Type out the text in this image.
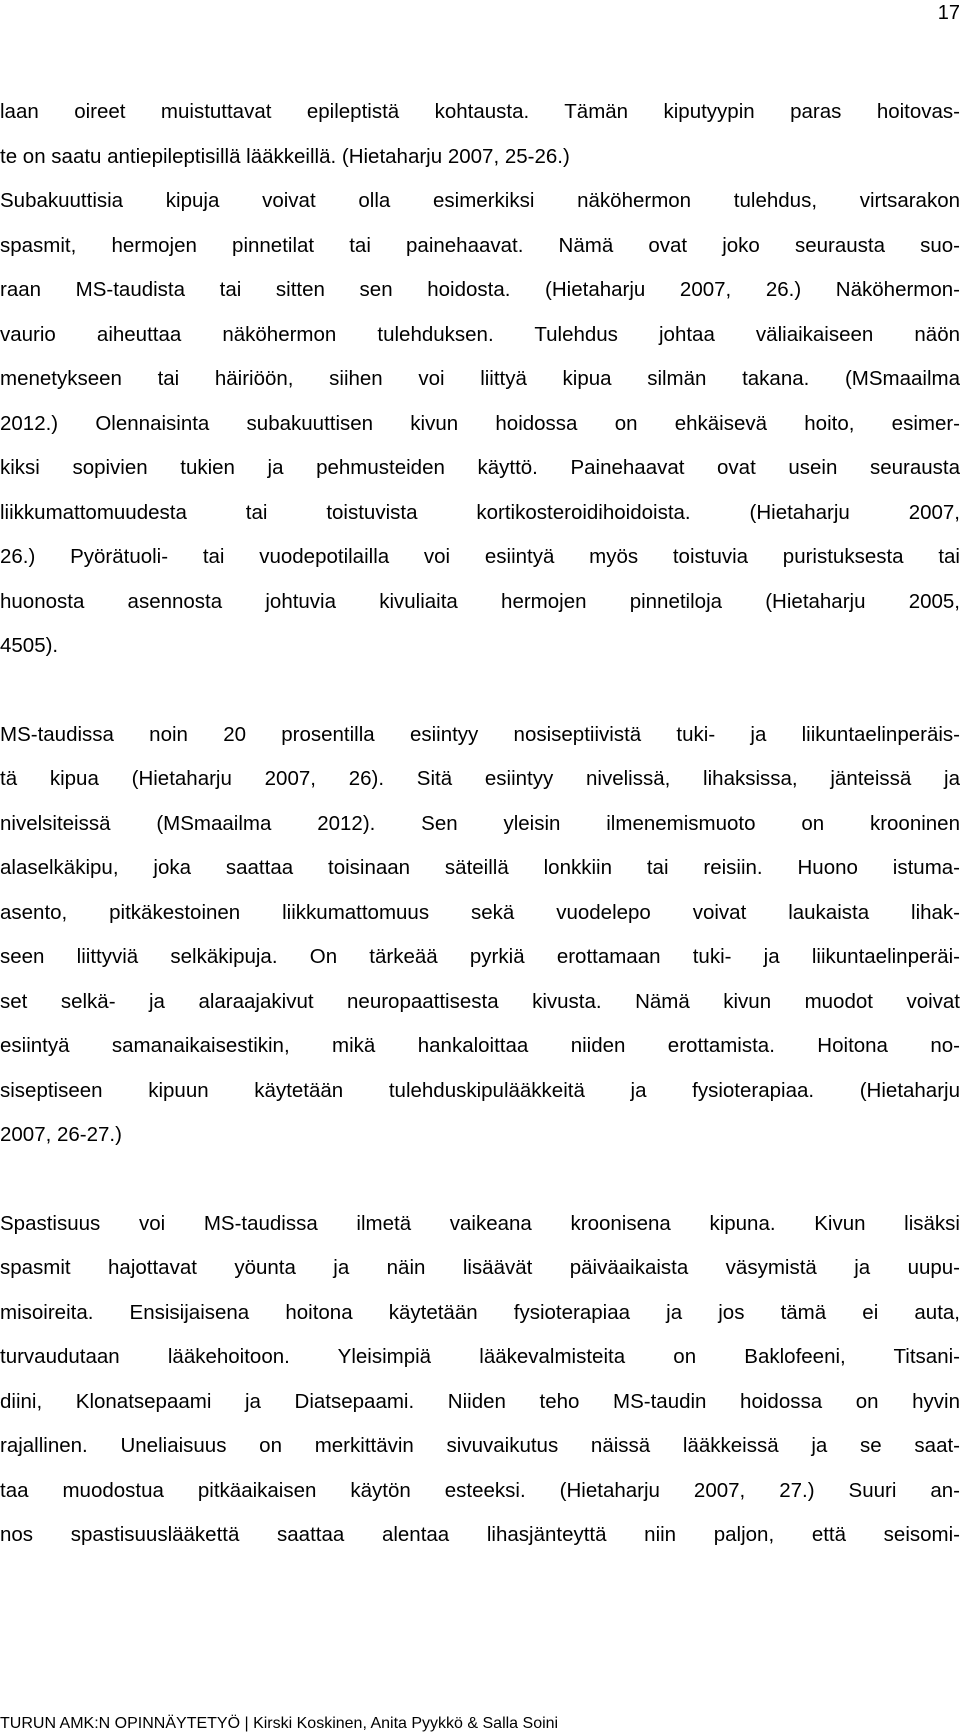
17
laan oireet muistuttavat epileptistä kohtausta. Tämän kiputyypin paras hoitovas-
te on saatu antiepileptisillä lääkkeillä. (Hietaharju 2007, 25-26.)
Subakuuttisia kipuja voivat olla esimerkiksi näköhermon tulehdus, virtsarakon
spasmit, hermojen pinnetilat tai painehaavat. Nämä ovat joko seurausta suo-
raan MS-taudista tai sitten sen hoidosta. (Hietaharju 2007, 26.) Näköhermon-
vaurio aiheuttaa näköhermon tulehduksen. Tulehdus johtaa väliaikaiseen näön
menetykseen tai häiriöön, siihen voi liittyä kipua silmän takana. (MSmaailma
2012.) Olennaisinta subakuuttisen kivun hoidossa on ehkäisevä hoito, esimer-
kiksi sopivien tukien ja pehmusteiden käyttö. Painehaavat ovat usein seurausta
liikkumattomuudesta tai toistuvista kortikosteroidihoidoista. (Hietaharju 2007,
26.) Pyörätuoli- tai vuodepotilailla voi esiintyä myös toistuvia puristuksesta tai
huonosta asennosta johtuvia kivuliaita hermojen pinnetiloja (Hietaharju 2005,
4505).
MS-taudissa noin 20 prosentilla esiintyy nosiseptiivistä tuki- ja liikuntaelinperäis-
tä kipua (Hietaharju 2007, 26). Sitä esiintyy nivelissä, lihaksissa, jänteissä ja
nivelsiteissä (MSmaailma 2012). Sen yleisin ilmenemismuoto on krooninen
alaselkäkipu, joka saattaa toisinaan säteillä lonkkiin tai reisiin. Huono istuma-
asento, pitkäkestoinen liikkumattomuus sekä vuodelepo voivat laukaista lihak-
seen liittyviä selkäkipuja. On tärkeää pyrkiä erottamaan tuki- ja liikuntaelinperäi-
set selkä- ja alaraajakivut neuropaattisesta kivusta. Nämä kivun muodot voivat
esiintyä samanaikaisestikin, mikä hankaloittaa niiden erottamista. Hoitona no-
siseptiseen kipuun käytetään tulehduskipulääkkeitä ja fysioterapiaa. (Hietaharju
2007, 26-27.)
Spastisuus voi MS-taudissa ilmetä vaikeana kroonisena kipuna. Kivun lisäksi
spasmit hajottavat yöunta ja näin lisäävät päiväaikaista väsymistä ja uupu-
misoireita. Ensisijaisena hoitona käytetään fysioterapiaa ja jos tämä ei auta,
turvaudutaan lääkehoitoon. Yleisimpiä lääkevalmisteita on Baklofeeni, Titsani-
diini, Klonatsepaami ja Diatsepaami. Niiden teho MS-taudin hoidossa on hyvin
rajallinen. Uneliaisuus on merkittävin sivuvaikutus näissä lääkkeissä ja se saat-
taa muodostua pitkäaikaisen käytön esteeksi. (Hietaharju 2007, 27.) Suuri an-
nos spastisuuslääkettä saattaa alentaa lihasjänteyttä niin paljon, että seisomi-
TURUN AMK:N OPINNÄYTETYÖ | Kirski Koskinen, Anita Pyykkö & Salla Soini
